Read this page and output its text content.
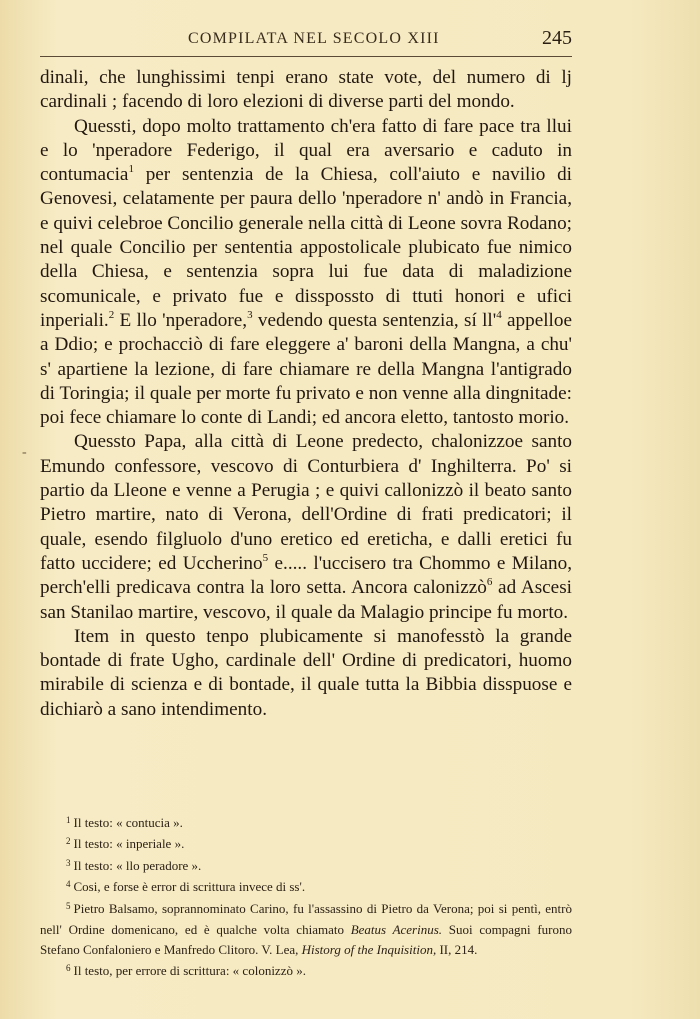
COMPILATA NEL SECOLO XIII	245
-

dinali, che lunghissimi tenpi erano state vote, del numero di lj cardinali ; facendo di loro elezioni di diverse parti del mondo.

Quessti, dopo molto trattamento ch'era fatto di fare pace tra llui e lo 'nperadore Federigo, il qual era aversario e caduto in contumacia$^1$ per sentenzia de la Chiesa, coll'aiuto e navilio di Genovesi, celatamente per paura dello 'nperadore n' andò in Francia, e quivi celebroe Concilio generale nella città di Leone sovra Rodano; nel quale Concilio per sententia appostolicale plubicato fue nimico della Chiesa, e sentenzia sopra lui fue data di maladizione scomunicale, e privato fue e disspossto di ttuti honori e ufici inperiali.$^2$ E llo 'nperadore,$^3$ vedendo questa sentenzia, sí $ll'^4$ appelloe a Ddio; e prochacciò di fare eleggere a' baroni della Mangna, a chu' s' apartiene la lezione, di fare chiamare re della Mangna l'antigrado di Toringia; il quale per morte fu privato e non venne alla dingnitade: poi fece chiamare lo conte di Landi; ed ancora eletto, tantosto morio.

Quessto Papa, alla città di Leone predecto, chalonizzoe santo Emundo confessore, vescovo di Conturbiera d' Inghilterra. Po' si partio da Lleone e venne a Perugia ; e quivi callonizzò il beato santo Pietro martire, nato di Verona, dell'Ordine di frati predicatori; il quale, esendo filgluolo d'uno eretico ed ereticha, e dalli eretici fu fatto uccidere; ed Uccherino$^5$ e..... l'uccisero tra Chommo e Milano, perch'elli predicava contra la loro setta. Ancora calonizzò$^6$ ad Ascesi san Stanilao martire, vescovo, il quale da Malagio principe fu morto.

Item in questo tenpo plubicamente si manofesstò la grande bontade di frate Ugho, cardinale dell' Ordine di predicatori, huomo mirabile di scienza e di bontade, il quale tutta la Bibbia disspuose e dichiarò a sano intendimento.

$^1$ Il testo: « contucia ».

$^2$ Il testo: « inperiale ».

$^3$ Il testo: « llo peradore ».

$^4$ Cosi, e forse è error di scrittura invece di ss'.

$^5$ Pietro Balsamo, soprannominato Carino, fu l'assassino di Pietro da Verona; poi si pentì, entrò nell' Ordine domenicano, ed è qualche volta chiamato Beatus Acerinus. Suoi compagni furono Stefano Confaloniero e Manfredo Clitoro. V. Lea, Historg of the Inquisition, II, 214.

$^6$ Il testo, per errore di scrittura: « colonizzò ».
